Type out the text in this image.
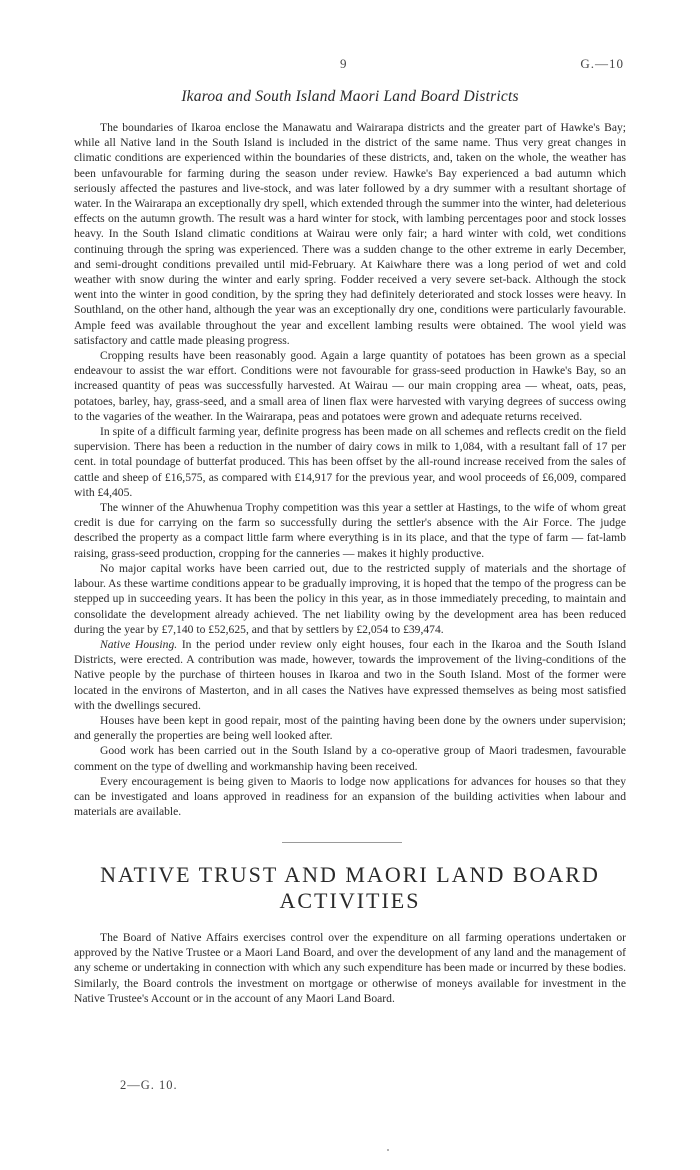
9	G.—10
Ikaroa and South Island Maori Land Board Districts

The boundaries of Ikaroa enclose the Manawatu and Wairarapa districts and the greater part of Hawke's Bay; while all Native land in the South Island is included in the district of the same name. Thus very great changes in climatic conditions are experienced within the boundaries of these districts, and, taken on the whole, the weather has been unfavourable for farming during the season under review. Hawke's Bay experienced a bad autumn which seriously affected the pastures and live-stock, and was later followed by a dry summer with a resultant shortage of water. In the Wairarapa an exceptionally dry spell, which extended through the summer into the winter, had deleterious effects on the autumn growth. The result was a hard winter for stock, with lambing percentages poor and stock losses heavy. In the South Island climatic conditions at Wairau were only fair; a hard winter with cold, wet conditions continuing through the spring was experienced. There was a sudden change to the other extreme in early December, and semi-drought conditions prevailed until mid-February. At Kaiwhare there was a long period of wet and cold weather with snow during the winter and early spring. Fodder received a very severe set-back. Although the stock went into the winter in good condition, by the spring they had definitely deteriorated and stock losses were heavy. In Southland, on the other hand, although the year was an exceptionally dry one, conditions were particularly favourable. Ample feed was available throughout the year and excellent lambing results were obtained. The wool yield was satisfactory and cattle made pleasing progress.

Cropping results have been reasonably good. Again a large quantity of potatoes has been grown as a special endeavour to assist the war effort. Conditions were not favourable for grass-seed production in Hawke's Bay, so an increased quantity of peas was successfully harvested. At Wairau — our main cropping area — wheat, oats, peas, potatoes, barley, hay, grass-seed, and a small area of linen flax were harvested with varying degrees of success owing to the vagaries of the weather. In the Wairarapa, peas and potatoes were grown and adequate returns received.

In spite of a difficult farming year, definite progress has been made on all schemes and reflects credit on the field supervision. There has been a reduction in the number of dairy cows in milk to 1,084, with a resultant fall of 17 per cent. in total poundage of butterfat produced. This has been offset by the all-round increase received from the sales of cattle and sheep of £16,575, as compared with £14,917 for the previous year, and wool proceeds of £6,009, compared with £4,405.

The winner of the Ahuwhenua Trophy competition was this year a settler at Hastings, to the wife of whom great credit is due for carrying on the farm so successfully during the settler's absence with the Air Force. The judge described the property as a compact little farm where everything is in its place, and that the type of farm — fat-lamb raising, grass-seed production, cropping for the canneries — makes it highly productive.

No major capital works have been carried out, due to the restricted supply of materials and the shortage of labour. As these wartime conditions appear to be gradually improving, it is hoped that the tempo of the progress can be stepped up in succeeding years. It has been the policy in this year, as in those immediately preceding, to maintain and consolidate the development already achieved. The net liability owing by the development area has been reduced during the year by £7,140 to £52,625, and that by settlers by £2,054 to £39,474.

Native Housing. In the period under review only eight houses, four each in the Ikaroa and the South Island Districts, were erected. A contribution was made, however, towards the improvement of the living-conditions of the Native people by the purchase of thirteen houses in Ikaroa and two in the South Island. Most of the former were located in the environs of Masterton, and in all cases the Natives have expressed themselves as being most satisfied with the dwellings secured.

Houses have been kept in good repair, most of the painting having been done by the owners under supervision; and generally the properties are being well looked after.

Good work has been carried out in the South Island by a co-operative group of Maori tradesmen, favourable comment on the type of dwelling and workmanship having been received.

Every encouragement is being given to Maoris to lodge now applications for advances for houses so that they can be investigated and loans approved in readiness for an expansion of the building activities when labour and materials are available.

NATIVE TRUST AND MAORI LAND BOARD
ACTIVITIES

The Board of Native Affairs exercises control over the expenditure on all farming operations undertaken or approved by the Native Trustee or a Maori Land Board, and over the development of any land and the management of any scheme or undertaking in connection with which any such expenditure has been made or incurred by these bodies. Similarly, the Board controls the investment on mortgage or otherwise of moneys available for investment in the Native Trustee's Account or in the account of any Maori Land Board.

2—G. 10.
